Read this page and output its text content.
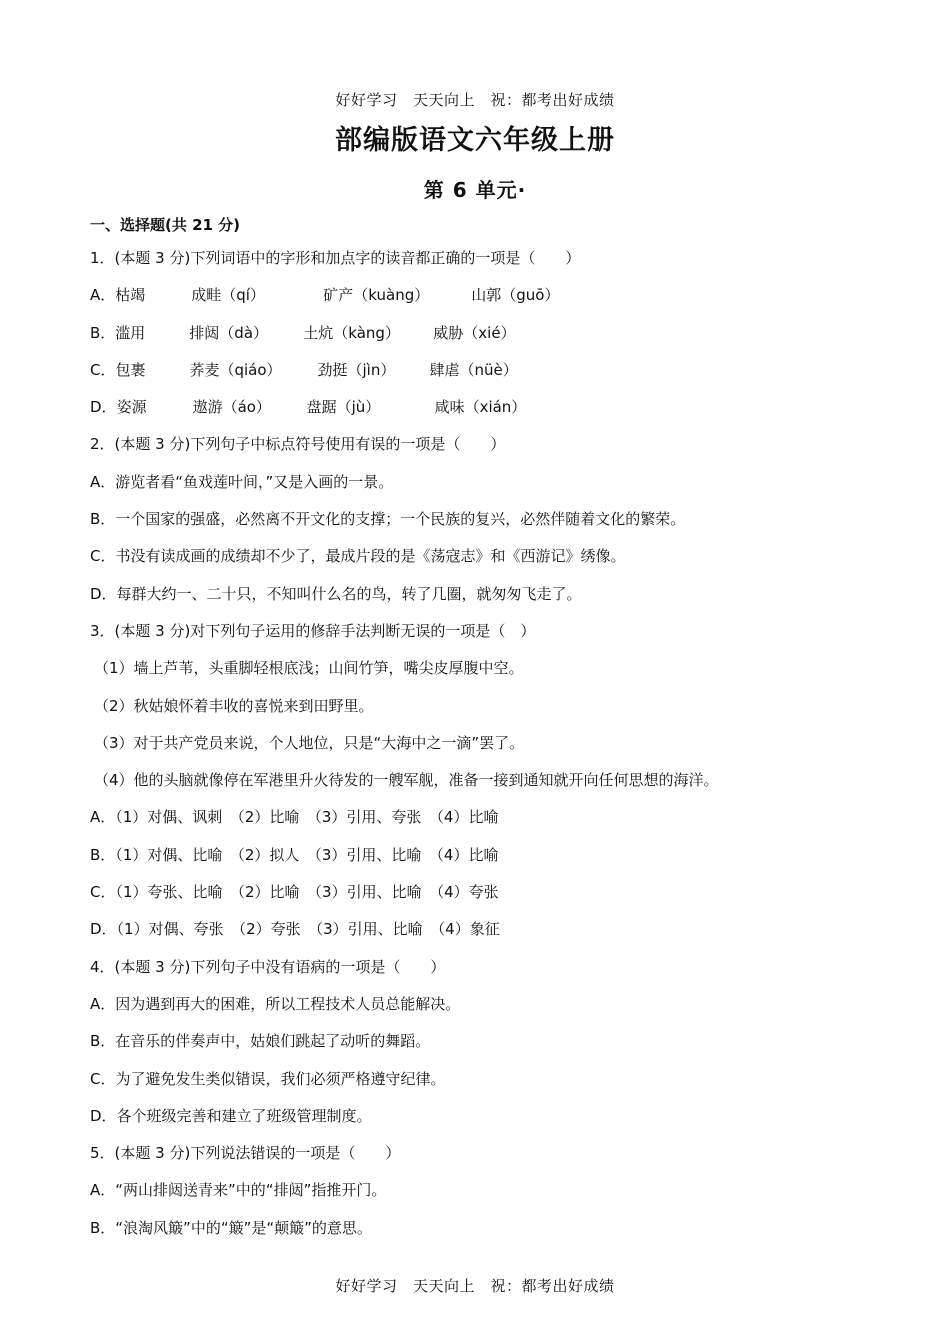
好好学习　天天向上　祝：都考出好成绩
部编版语文六年级上册
第 6 单元·
一、选择题(共 21 分)
1．(本题 3 分)下列词语中的字形和加点字的读音都正确的一项是（　　）
A．枯竭	成畦（qí）	矿产（kuàng）	山郭（guō）
B．滥用	排闼（dà） 土炕（kàng） 威胁（xié）
C．包裹	荞麦（qiáo） 劲挺（jìn） 肆虐（nüè）
D．姿源	遨游（áo） 盘踞（jù）	咸味（xián）
2．(本题 3 分)下列句子中标点符号使用有误的一项是（　　）
A．游览者看“鱼戏莲叶间，”又是入画的一景。
B．一个国家的强盛，必然离不开文化的支撑；一个民族的复兴，必然伴随着文化的繁荣。
C．书没有读成画的成绩却不少了，最成片段的是《荡寇志》和《西游记》绣像。
D．每群大约一、二十只，不知叫什么名的鸟，转了几圈，就匆匆飞走了。
3．(本题 3 分)对下列句子运用的修辞手法判断无误的一项是（　）
（1）墙上芦苇，头重脚轻根底浅；山间竹笋，嘴尖皮厚腹中空。
（2）秋姑娘怀着丰收的喜悦来到田野里。
（3）对于共产党员来说，个人地位，只是“大海中之一滴”罢了。
（4）他的头脑就像停在军港里升火待发的一艘军舰，准备一接到通知就开向任何思想的海洋。
A．（1）对偶、讽刺　（2）比喻　（3）引用、夸张　（4）比喻
B．（1）对偶、比喻　（2）拟人　（3）引用、比喻　（4）比喻
C．（1）夸张、比喻　（2）比喻　（3）引用、比喻　（4）夸张
D．（1）对偶、夸张　（2）夸张　（3）引用、比喻　（4）象征
4．(本题 3 分)下列句子中没有语病的一项是（　　）
A．因为遇到再大的困难，所以工程技术人员总能解决。
B．在音乐的伴奏声中，姑娘们跳起了动听的舞蹈。
C．为了避免发生类似错误，我们必须严格遵守纪律。
D．各个班级完善和建立了班级管理制度。
5．(本题 3 分)下列说法错误的一项是（　　）
A．“两山排闼送青来”中的“排闼”指推开门。
B．“浪淘风簸”中的“簸”是“颠簸”的意思。
好好学习　天天向上　祝：都考出好成绩
